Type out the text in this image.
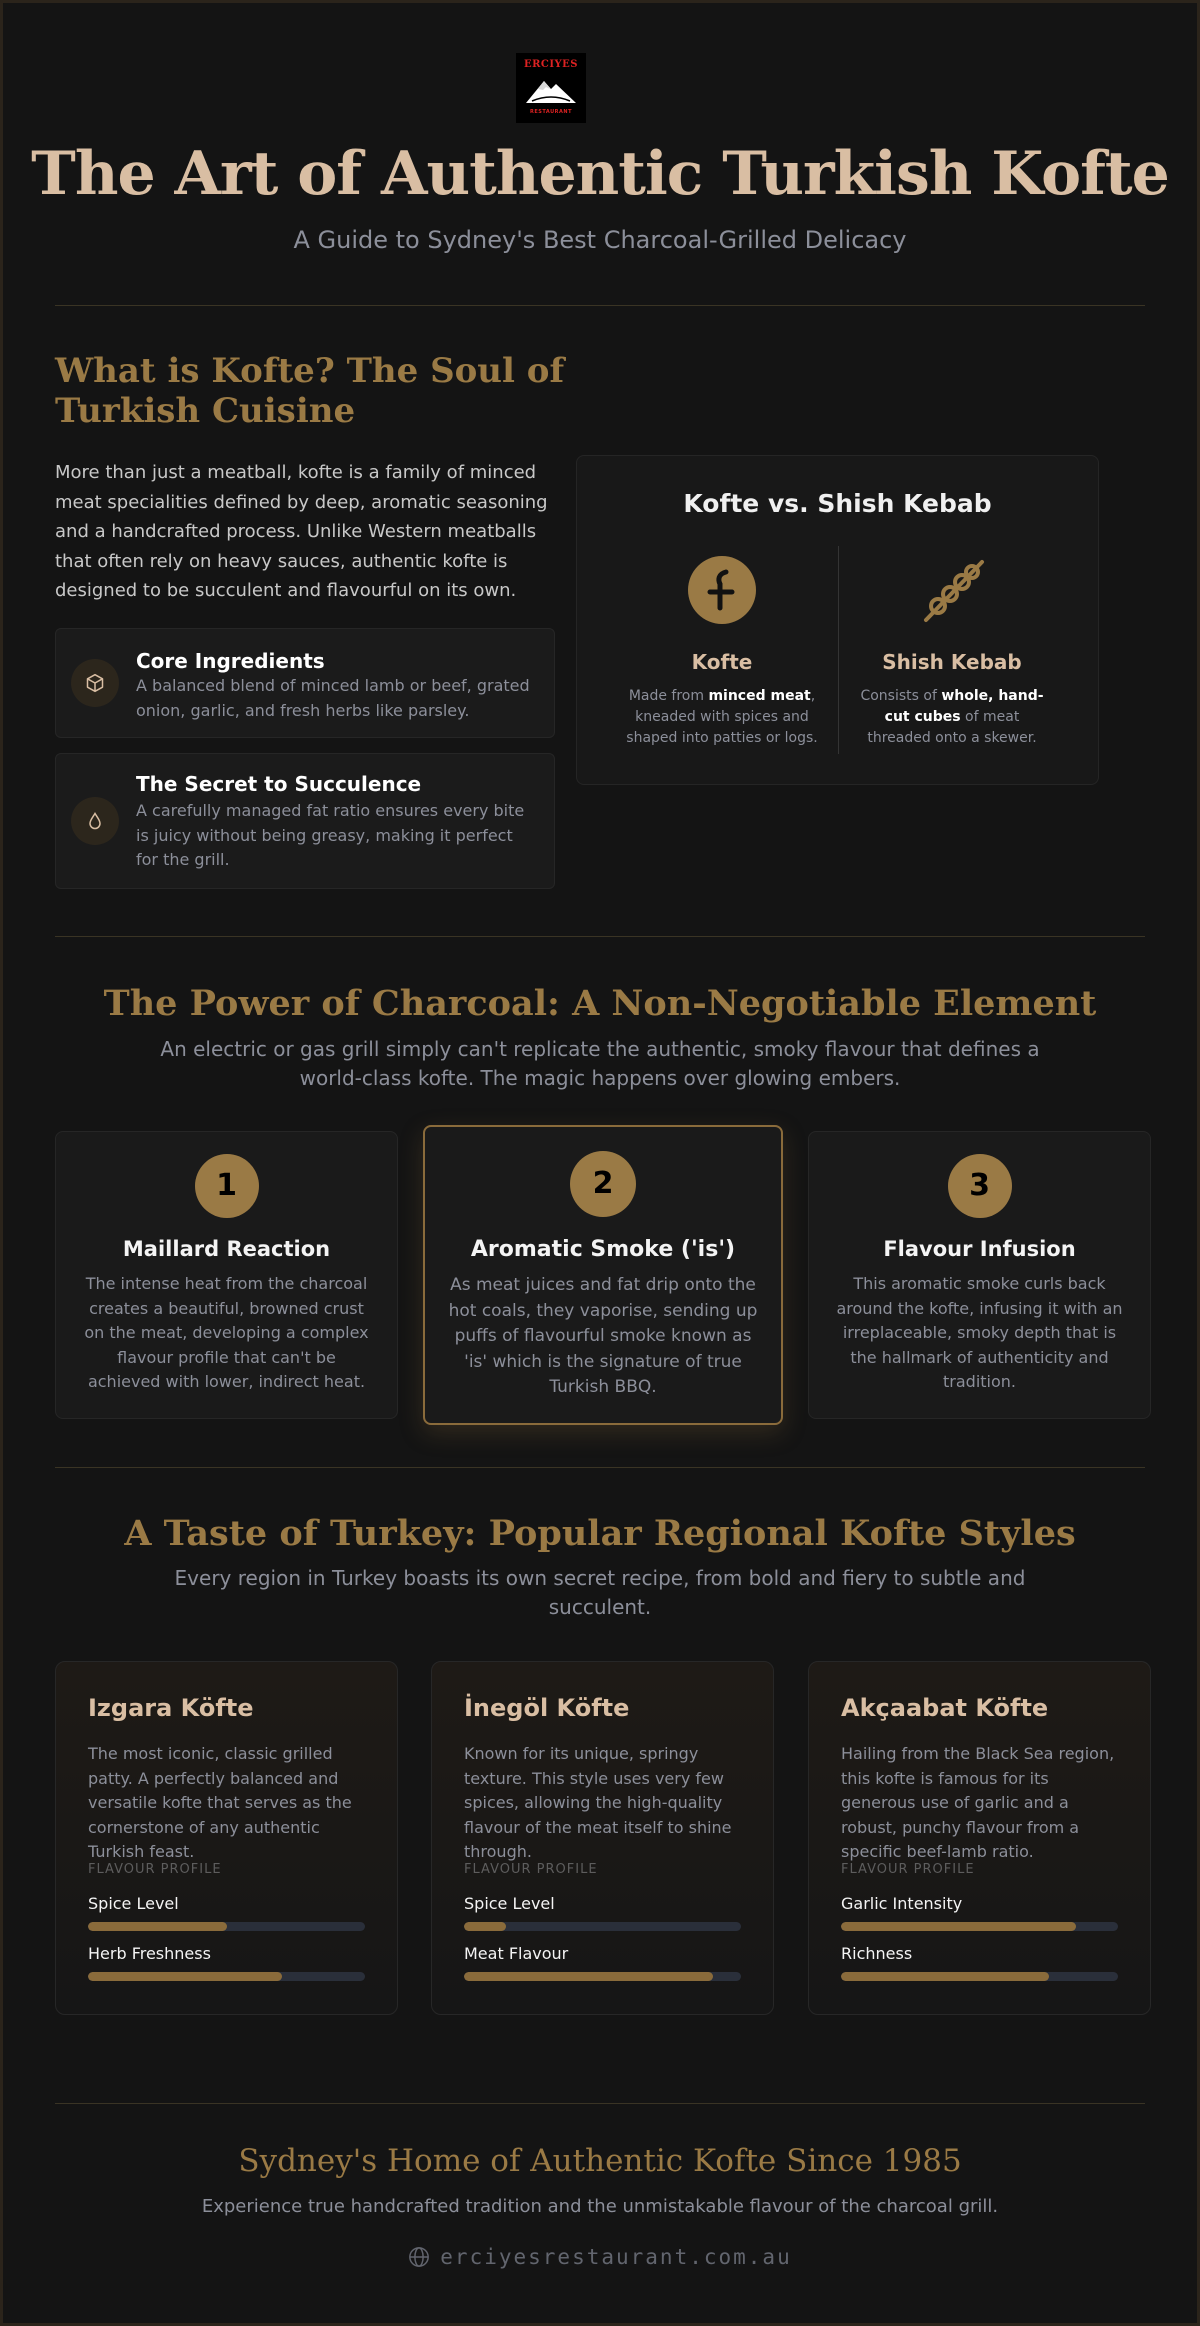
ERCIYES
RESTAURANT
The Art of Authentic Turkish Kofte
A Guide to Sydney's Best Charcoal-Grilled Delicacy
What is Kofte? The Soul of Turkish Cuisine
More than just a meatball, kofte is a family of minced meat specialities defined by deep, aromatic seasoning and a handcrafted process. Unlike Western meatballs that often rely on heavy sauces, authentic kofte is designed to be succulent and flavourful on its own.
Core Ingredients
A balanced blend of minced lamb or beef, grated onion, garlic, and fresh herbs like parsley.
The Secret to Succulence
A carefully managed fat ratio ensures every bite is juicy without being greasy, making it perfect for the grill.
Kofte vs. Shish Kebab
Kofte
Made from minced meat, kneaded with spices and shaped into patties or logs.
Shish Kebab
Consists of whole, hand-cut cubes of meat threaded onto a skewer.
The Power of Charcoal: A Non-Negotiable Element
An electric or gas grill simply can't replicate the authentic, smoky flavour that defines a world-class kofte. The magic happens over glowing embers.
1
Maillard Reaction
The intense heat from the charcoal creates a beautiful, browned crust on the meat, developing a complex flavour profile that can't be achieved with lower, indirect heat.
2
Aromatic Smoke ('is')
As meat juices and fat drip onto the hot coals, they vaporise, sending up puffs of flavourful smoke known as 'is' which is the signature of true Turkish BBQ.
3
Flavour Infusion
This aromatic smoke curls back around the kofte, infusing it with an irreplaceable, smoky depth that is the hallmark of authenticity and tradition.
A Taste of Turkey: Popular Regional Kofte Styles
Every region in Turkey boasts its own secret recipe, from bold and fiery to subtle and succulent.
Izgara Köfte
The most iconic, classic grilled patty. A perfectly balanced and versatile kofte that serves as the cornerstone of any authentic Turkish feast.
FLAVOUR PROFILE
Spice Level
Herb Freshness
İnegöl Köfte
Known for its unique, springy texture. This style uses very few spices, allowing the high-quality flavour of the meat itself to shine through.
FLAVOUR PROFILE
Spice Level
Meat Flavour
Akçaabat Köfte
Hailing from the Black Sea region, this kofte is famous for its generous use of garlic and a robust, punchy flavour from a specific beef-lamb ratio.
FLAVOUR PROFILE
Garlic Intensity
Richness
Sydney's Home of Authentic Kofte Since 1985
Experience true handcrafted tradition and the unmistakable flavour of the charcoal grill.
erciyesrestaurant.com.au
